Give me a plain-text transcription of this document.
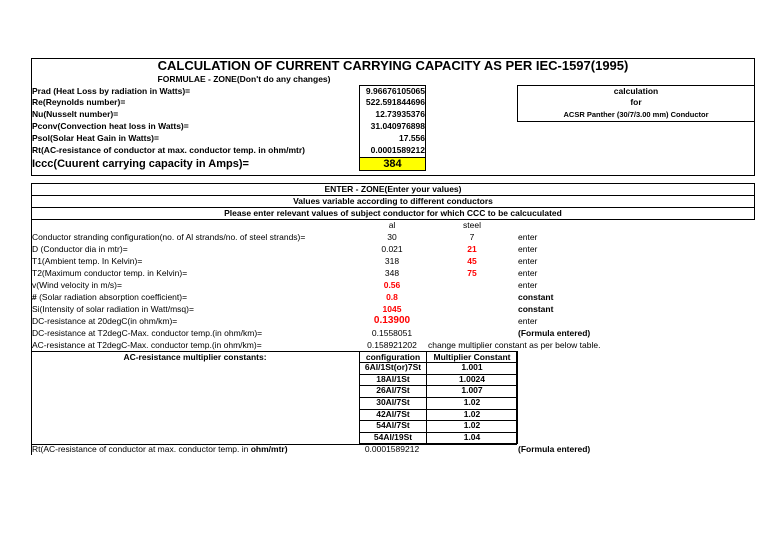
CALCULATION OF CURRENT CARRYING CAPACITY AS PER IEC-1597(1995)
FORMULAE - ZONE(Don't do any changes)
Prad (Heat Loss by radiation in Watts)=	9.96676105065
Re(Reynolds number)=	522.591844696
Nu(Nusselt number)=	12.73935376
Pconv(Convection heat loss in Watts)=	31.040976898
Psol(Solar Heat Gain in Watts)=	17.556
Rt(AC-resistance of conductor at max. conductor temp. in ohm/mtr)	0.0001589212
Iccc(Cuurent carrying capacity in Amps)=	384
calculation
for
ACSR Panther (30/7/3.00 mm) Conductor
ENTER - ZONE(Enter your values)
Values variable according to different conductors
Please enter relevant values of subject conductor for which CCC to be calcuculated
al	steel
Conductor stranding configuration(no. of Al strands/no. of steel strands)=	30	7	enter
D (Conductor dia in mtr)=	0.021	21	enter
T1(Ambient temp. In Kelvin)=	318	45	enter
T2(Maximum conductor temp. in Kelvin)=	348	75	enter
v(Wind velocity in m/s)=	0.56	enter
# (Solar radiation absorption coefficient)=	0.8	constant
Si(Intensity of solar radiation in Watt/msq)=	1045	constant
DC-resistance at 20degC(in ohm/km)=	0.13900	enter
DC-resistance at T2degC-Max. conductor temp.(in ohm/km)=	0.1558051	(Formula entered)
AC-resistance at T2degC-Max. conductor temp.(in ohm/km)=	0.158921202	change multiplier constant as per below table.
AC-resistance multiplier constants:	configuration	Multiplier Constant
6Al/1St(or)7St	1.001
18Al/1St	1.0024
26Al/7St	1.007
30Al/7St	1.02
42Al/7St	1.02
54Al/7St	1.02
54Al/19St	1.04
Rt(AC-resistance of conductor at max. conductor temp. in ohm/mtr)	0.0001589212	(Formula entered)
